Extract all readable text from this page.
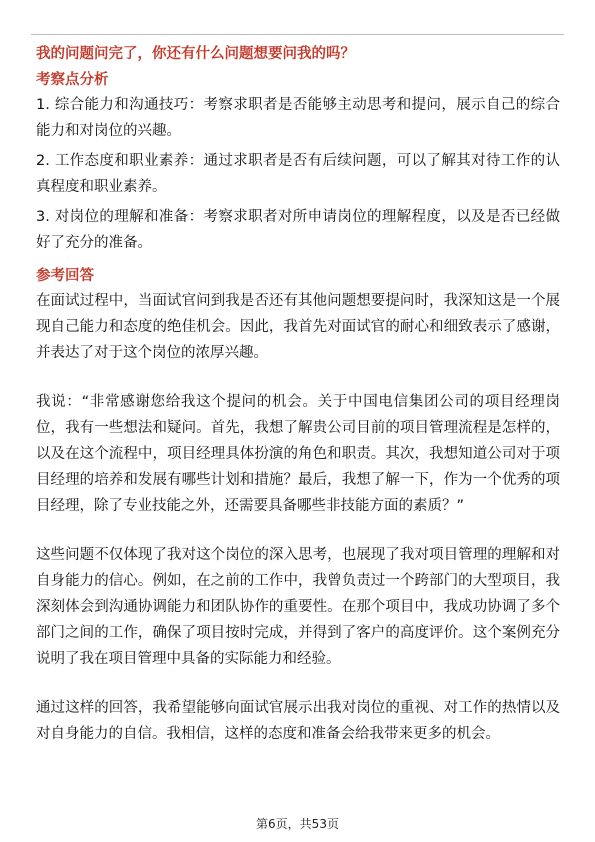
我的问题问完了，你还有什么问题想要问我的吗？

考察点分析

1. 综合能力和沟通技巧：考察求职者是否能够主动思考和提问，展示自己的综合能力和对岗位的兴趣。

2. 工作态度和职业素养：通过求职者是否有后续问题，可以了解其对待工作的认真程度和职业素养。

3. 对岗位的理解和准备：考察求职者对所申请岗位的理解程度，以及是否已经做好了充分的准备。

参考回答

在面试过程中，当面试官问到我是否还有其他问题想要提问时，我深知这是一个展现自己能力和态度的绝佳机会。因此，我首先对面试官的耐心和细致表示了感谢，并表达了对于这个岗位的浓厚兴趣。

我说：“非常感谢您给我这个提问的机会。关于中国电信集团公司的项目经理岗位，我有一些想法和疑问。首先，我想了解贵公司目前的项目管理流程是怎样的，以及在这个流程中，项目经理具体扮演的角色和职责。其次，我想知道公司对于项目经理的培养和发展有哪些计划和措施？最后，我想了解一下，作为一个优秀的项目经理，除了专业技能之外，还需要具备哪些非技能方面的素质？”

这些问题不仅体现了我对这个岗位的深入思考，也展现了我对项目管理的理解和对自身能力的信心。例如，在之前的工作中，我曾负责过一个跨部门的大型项目，我深刻体会到沟通协调能力和团队协作的重要性。在那个项目中，我成功协调了多个部门之间的工作，确保了项目按时完成，并得到了客户的高度评价。这个案例充分说明了我在项目管理中具备的实际能力和经验。

通过这样的回答，我希望能够向面试官展示出我对岗位的重视、对工作的热情以及对自身能力的自信。我相信，这样的态度和准备会给我带来更多的机会。

第6页，共53页
